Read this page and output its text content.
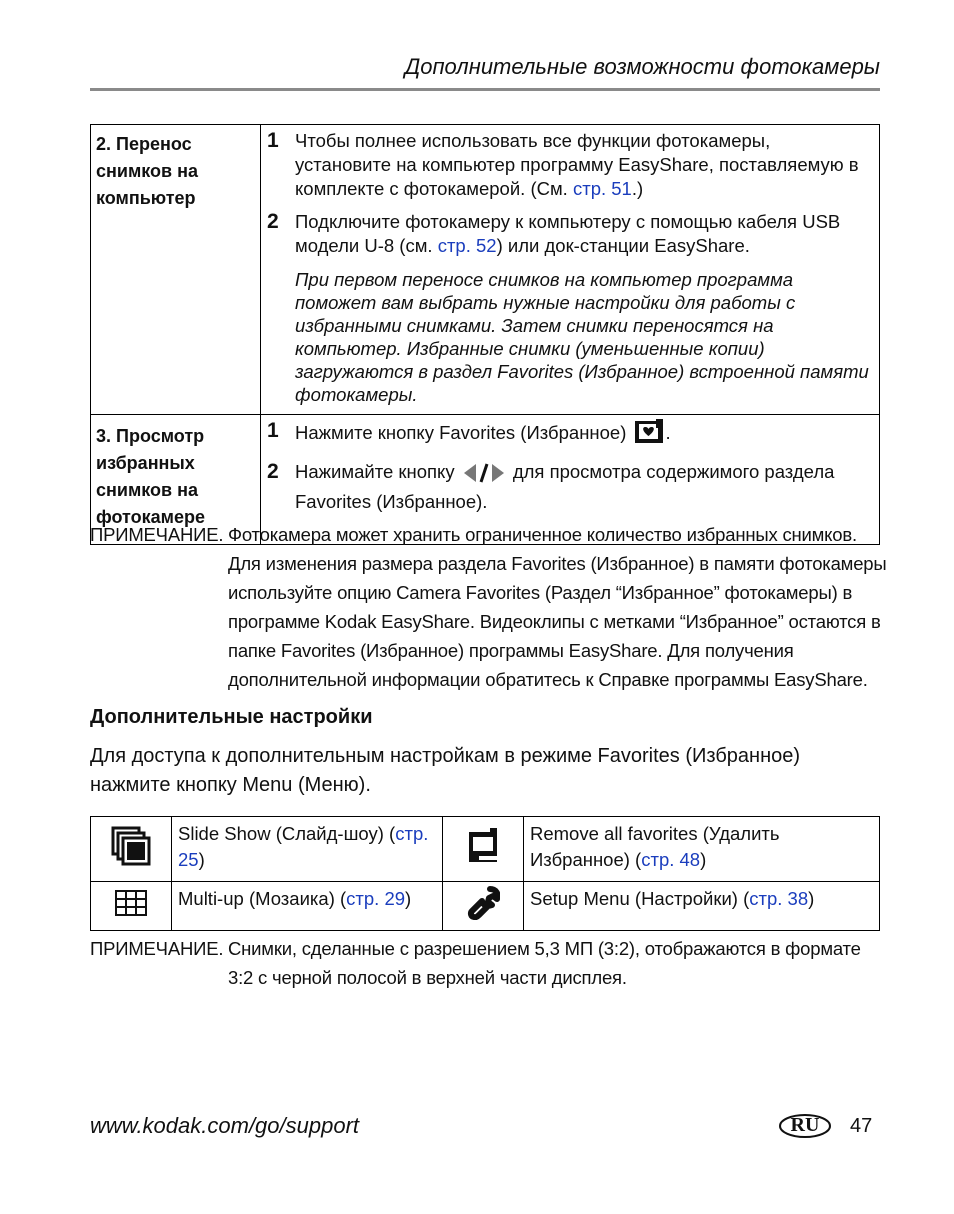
Дополнительные возможности фотокамеры
2. Перенос снимков на компьютер	1 Чтобы полнее использовать все функции фотокамеры, установите на компьютер программу EasyShare, поставляемую в комплекте с фотокамерой. (См. стр. 51.)
2 Подключите фотокамеру к компьютеру с помощью кабеля USB модели U-8 (см. стр. 52) или док-станции EasyShare.
При первом переносе снимков на компьютер программа поможет вам выбрать нужные настройки для работы с избранными снимками. Затем снимки переносятся на компьютер. Избранные снимки (уменьшенные копии) загружаются в раздел Favorites (Избранное) встроенной памяти фотокамеры.

3. Просмотр избранных снимков на фотокамере	1 Нажмите кнопку Favorites (Избранное) .
2 Нажимайте кнопку для просмотра содержимого раздела Favorites (Избранное).
ПРИМЕЧАНИЕ. Фотокамера может хранить ограниченное количество избранных снимков. Для изменения размера раздела Favorites (Избранное) в памяти фотокамеры используйте опцию Camera Favorites (Раздел “Избранное” фотокамеры) в программе Kodak EasyShare. Видеоклипы с метками “Избранное” остаются в папке Favorites (Избранное) программы EasyShare. Для получения дополнительной информации обратитесь к Справке программы EasyShare.
Дополнительные настройки
Для доступа к дополнительным настройкам в режиме Favorites (Избранное) нажмите кнопку Menu (Меню).
	Slide Show (Слайд-шоу) (стр. 25)		Remove all favorites (Удалить Избранное) (стр. 48)
	Multi-up (Мозаика) (стр. 29)		Setup Menu (Настройки) (стр. 38)
ПРИМЕЧАНИЕ. Снимки, сделанные с разрешением 5,3 МП (3:2), отображаются в формате 3:2 с черной полосой в верхней части дисплея.
www.kodak.com/go/support	RU	47
